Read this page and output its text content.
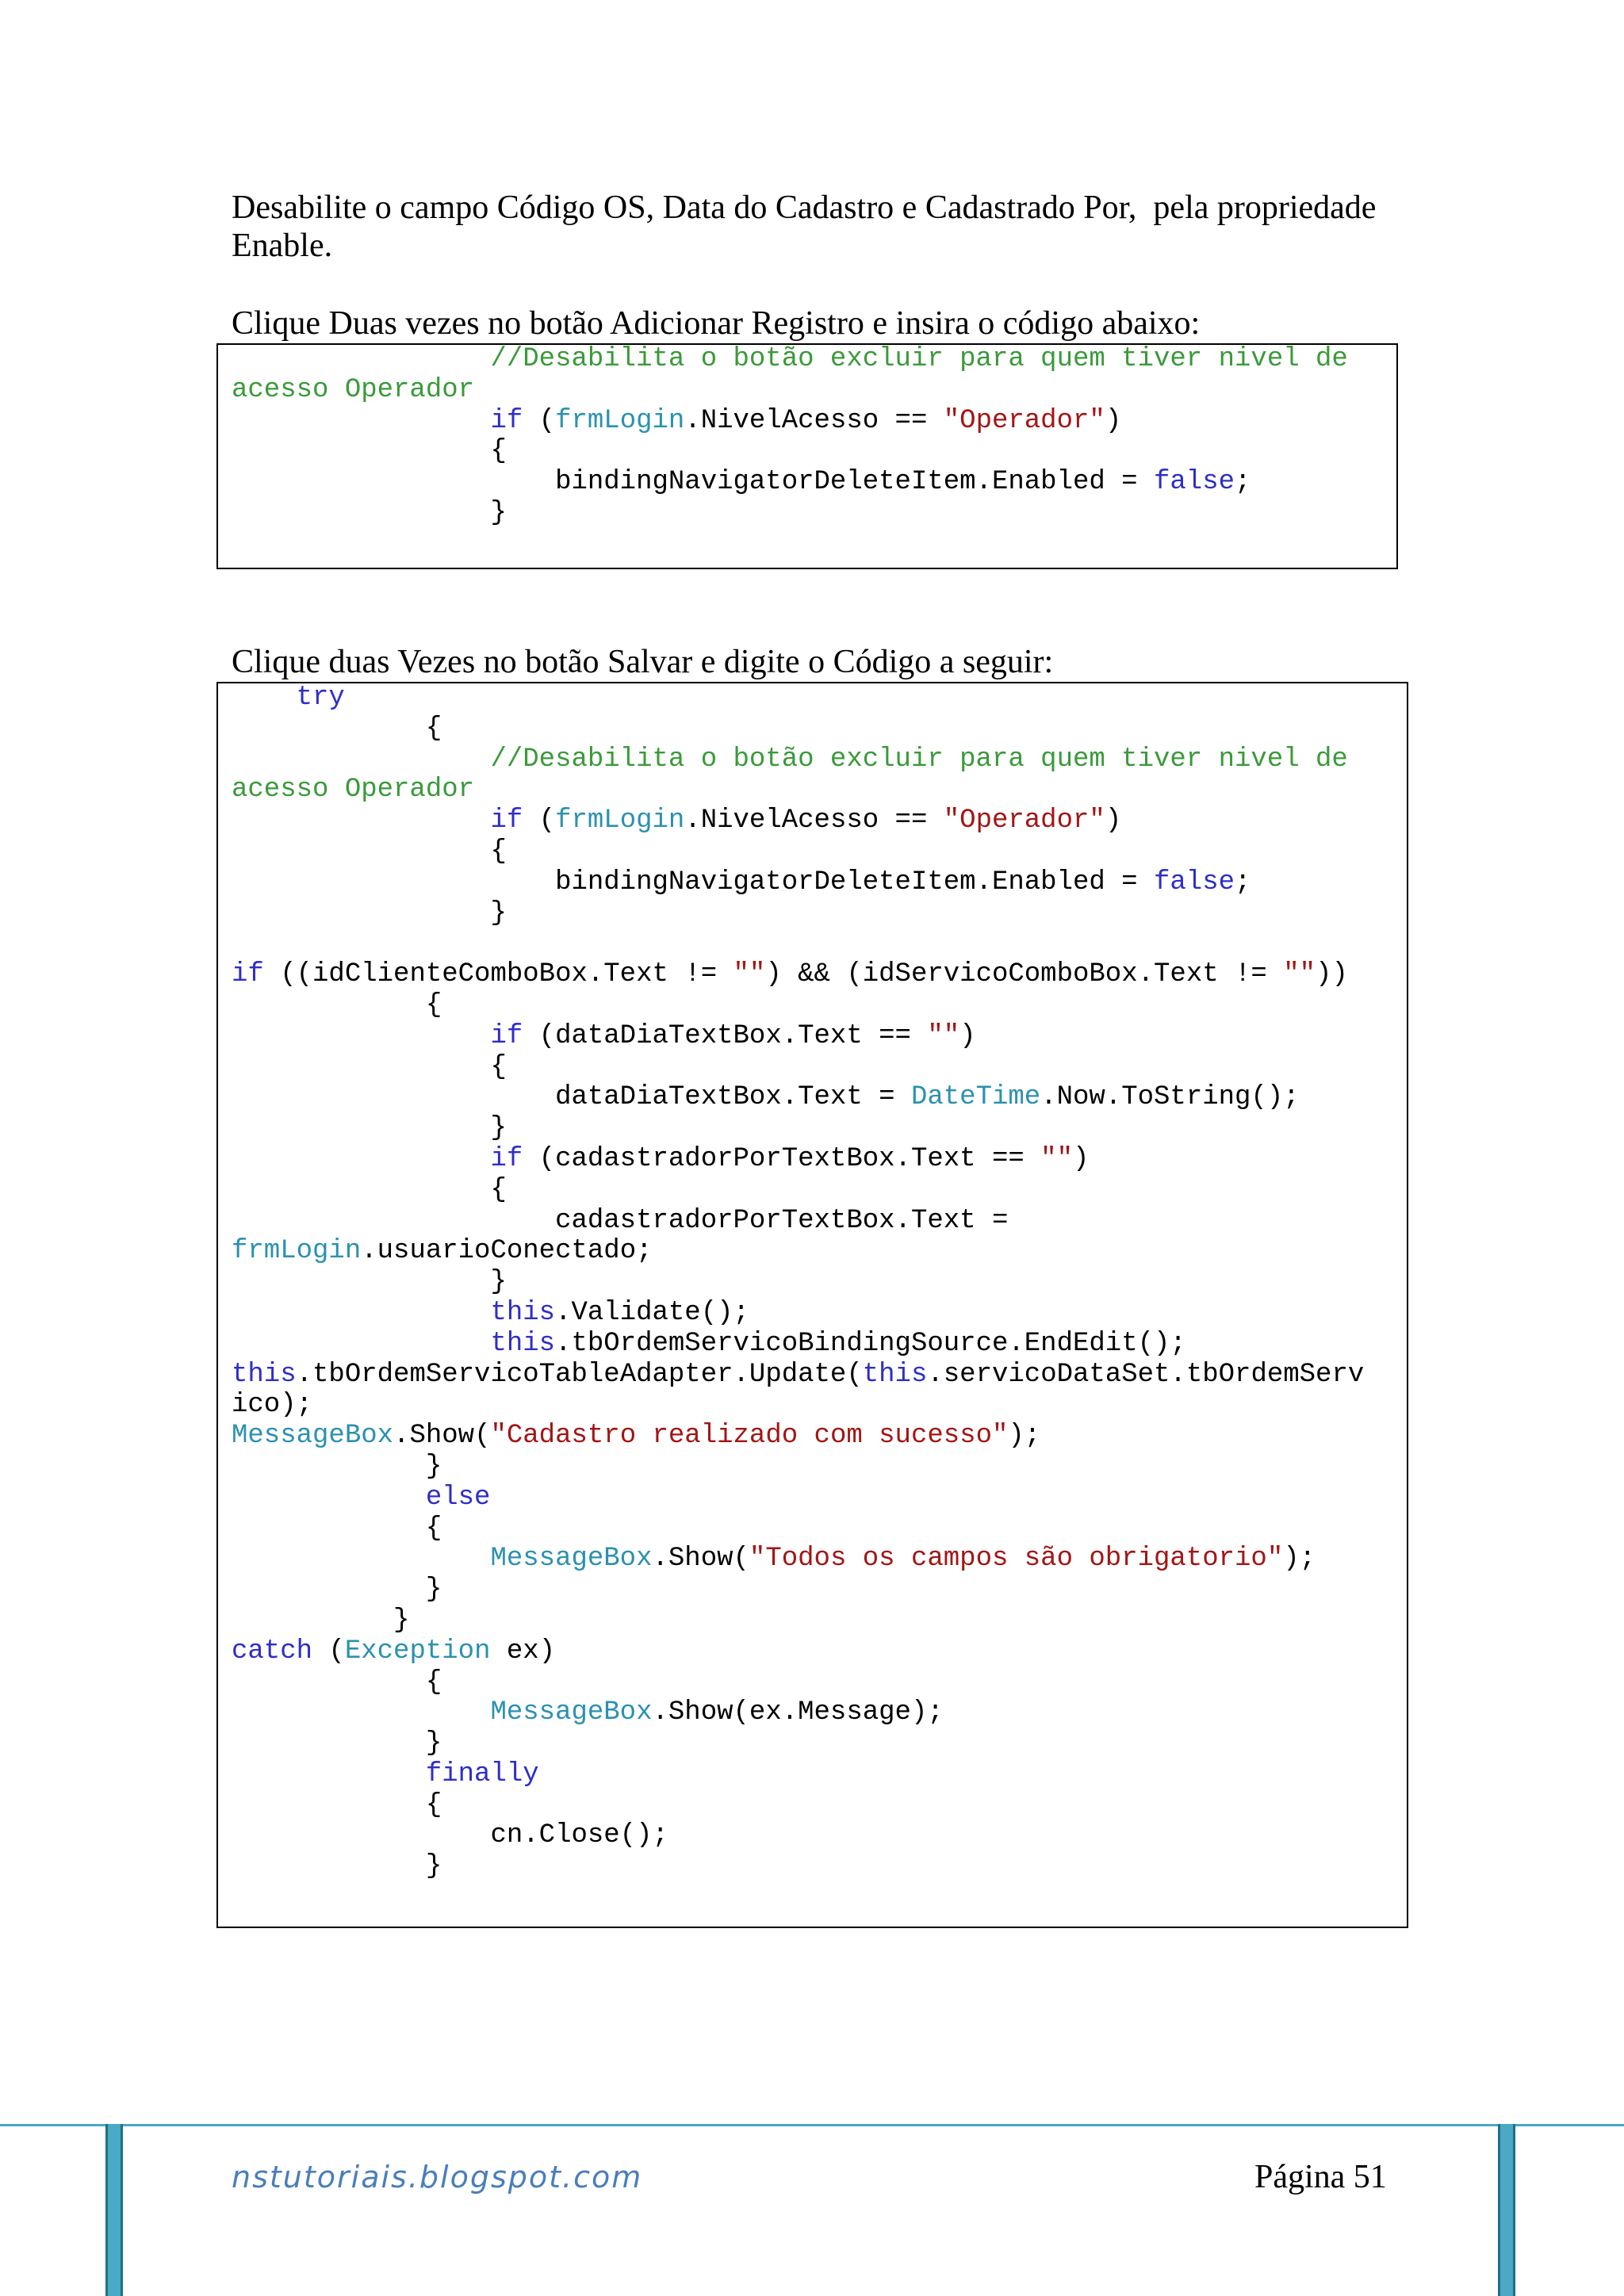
Desabilite o campo Código OS, Data do Cadastro e Cadastrado Por,  pela propriedade
Enable.

Clique Duas vezes no botão Adicionar Registro e insira o código abaixo:

//Desabilita o botão excluir para quem tiver nivel de
acesso Operador
if (frmLogin.NivelAcesso == "Operador")
{
bindingNavigatorDeleteItem.Enabled = false;
}

Clique duas Vezes no botão Salvar e digite o Código a seguir:

try
{
//Desabilita o botão excluir para quem tiver nivel de
acesso Operador
if (frmLogin.NivelAcesso == "Operador")
{
bindingNavigatorDeleteItem.Enabled = false;
}
if ((idClienteComboBox.Text != "") && (idServicoComboBox.Text != ""))
{
if (dataDiaTextBox.Text == "")
{
dataDiaTextBox.Text = DateTime.Now.ToString();
}
if (cadastradorPorTextBox.Text == "")
{
cadastradorPorTextBox.Text =
frmLogin.usuarioConectado;
}
this.Validate();
this.tbOrdemServicoBindingSource.EndEdit();
this.tbOrdemServicoTableAdapter.Update(this.servicoDataSet.tbOrdemServ
ico);
MessageBox.Show("Cadastro realizado com sucesso");
}
else
{
MessageBox.Show("Todos os campos são obrigatorio");
}
}
catch (Exception ex)
{
MessageBox.Show(ex.Message);
}
finally
{
cn.Close();
}
nstutoriais.blogspot.com	Página 51
